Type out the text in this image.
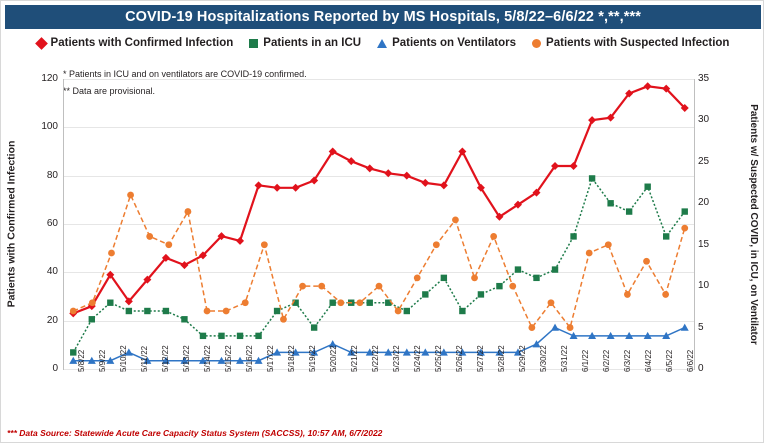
COVID-19 Hospitalizations Reported by MS Hospitals, 5/8/22–6/6/22 *,**,***
Patients with Confirmed Infection	Patients in an ICU	Patients on Ventilators	Patients with Suspected Infection
* Patients in ICU and on ventilators are COVID-19 confirmed.
** Data are provisional.
Patients with Confirmed Infection	Patients w/ Suspected COVID, in ICU, on Ventilator
0
20
40
60
80
100
120
0
5
10
15
20
25
30
35
5/8/22 5/9/22 5/10/22 5/11/22 5/12/22 5/13/22 5/14/22 5/15/22 5/16/22 5/17/22 5/18/22 5/19/22 5/20/22 5/21/22 5/22/22 5/23/22 5/24/22 5/25/22 5/26/22 5/27/22 5/28/22 5/29/22 5/30/22 5/31/22 6/1/22 6/2/22 6/3/22 6/4/22 6/5/22 6/6/22
*** Data Source: Statewide Acute Care Capacity Status System (SACCSS), 10:57 AM, 6/7/2022
